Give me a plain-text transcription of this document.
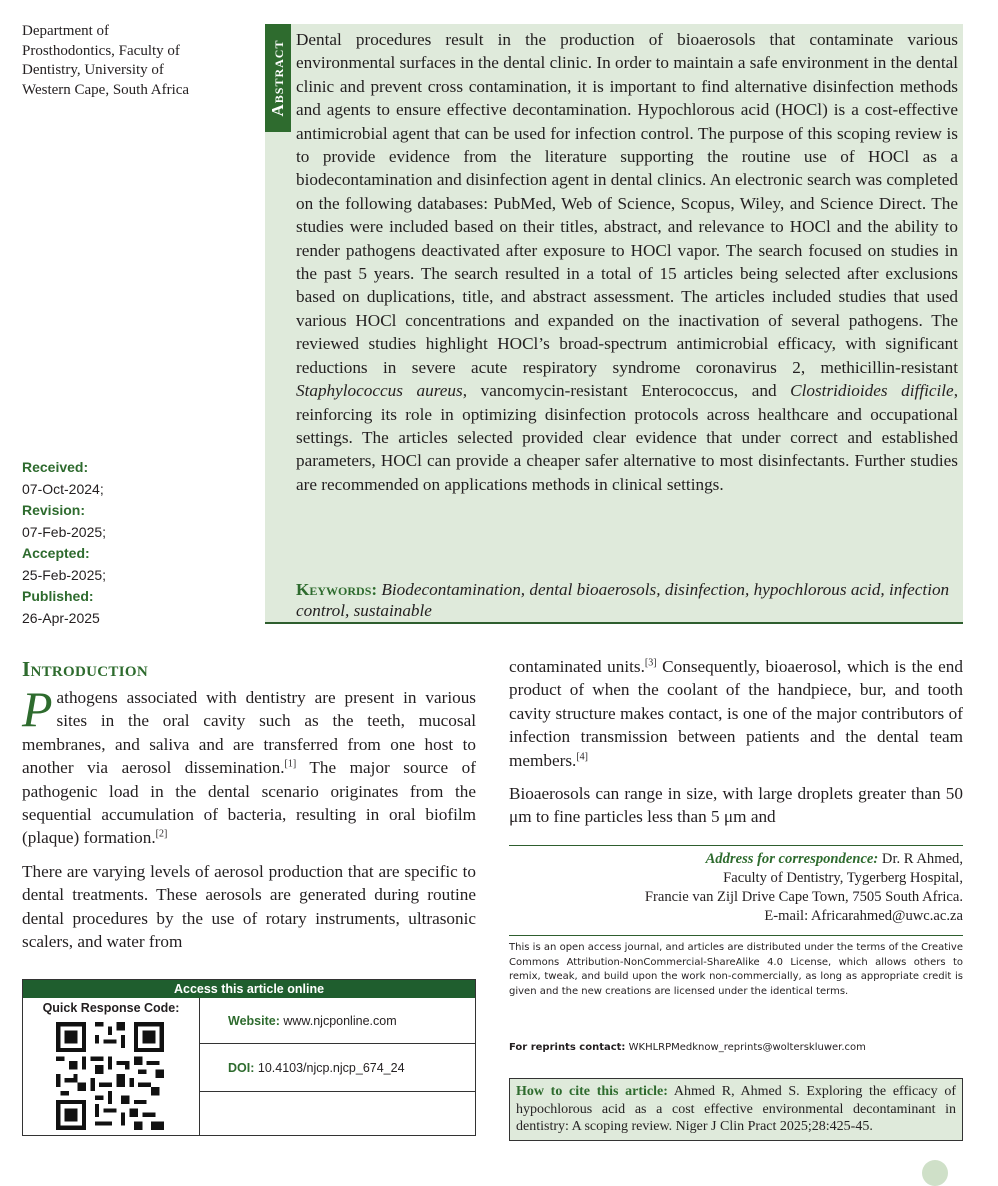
Department of
Prosthodontics, Faculty of
Dentistry, University of
Western Cape, South Africa
Received:
07-Oct-2024;
Revision:
07-Feb-2025;
Accepted:
25-Feb-2025;
Published:
26-Apr-2025
Abstract
Dental procedures result in the production of bioaerosols that contaminate various environmental surfaces in the dental clinic. In order to maintain a safe environment in the dental clinic and prevent cross contamination, it is important to find alternative disinfection methods and agents to ensure effective decontamination. Hypochlorous acid (HOCl) is a cost-effective antimicrobial agent that can be used for infection control. The purpose of this scoping review is to provide evidence from the literature supporting the routine use of HOCl as a biodecontamination and disinfection agent in dental clinics. An electronic search was completed on the following databases: PubMed, Web of Science, Scopus, Wiley, and Science Direct. The studies were included based on their titles, abstract, and relevance to HOCl and the ability to render pathogens deactivated after exposure to HOCl vapor. The search focused on studies in the past 5 years. The search resulted in a total of 15 articles being selected after exclusions based on duplications, title, and abstract assessment. The articles included studies that used various HOCl concentrations and expanded on the inactivation of several pathogens. The reviewed studies highlight HOCl’s broad-spectrum antimicrobial efficacy, with significant reductions in severe acute respiratory syndrome coronavirus 2, methicillin-resistant Staphylococcus aureus, vancomycin-resistant Enterococcus, and Clostridioides difficile, reinforcing its role in optimizing disinfection protocols across healthcare and occupational settings. The articles selected provided clear evidence that under correct and established parameters, HOCl can provide a cheaper safer alternative to most disinfectants. Further studies are recommended on applications methods in clinical settings.
Keywords: Biodecontamination, dental bioaerosols, disinfection, hypochlorous acid, infection control, sustainable
Introduction

Pathogens associated with dentistry are present in various sites in the oral cavity such as the teeth, mucosal membranes, and saliva and are transferred from one host to another via aerosol dissemination.[1] The major source of pathogenic load in the dental scenario originates from the sequential accumulation of bacteria, resulting in oral biofilm (plaque) formation.[2]

There are varying levels of aerosol production that are specific to dental treatments. These aerosols are generated during routine dental procedures by the use of rotary instruments, ultrasonic scalers, and water from

contaminated units.[3] Consequently, bioaerosol, which is the end product of when the coolant of the handpiece, bur, and tooth cavity structure makes contact, is one of the major contributors of infection transmission between patients and the dental team members.[4]

Bioaerosols can range in size, with large droplets greater than 50 μm to fine particles less than 5 μm and

Address for correspondence: Dr. R Ahmed,
Faculty of Dentistry, Tygerberg Hospital,
Francie van Zijl Drive Cape Town, 7505 South Africa.
E-mail: Africarahmed@uwc.ac.za
This is an open access journal, and articles are distributed under the terms of the Creative Commons Attribution-NonCommercial-ShareAlike 4.0 License, which allows others to remix, tweak, and build upon the work non-commercially, as long as appropriate credit is given and the new creations are licensed under the identical terms.
For reprints contact: WKHLRPMedknow_reprints@wolterskluwer.com
How to cite this article: Ahmed R, Ahmed S. Exploring the efficacy of hypochlorous acid as a cost effective environmental decontaminant in dentistry: A scoping review. Niger J Clin Pract 2025;28:425-45.
Access this article online
Quick Response Code:
Website: www.njcponline.com
DOI: 10.4103/njcp.njcp_674_24
